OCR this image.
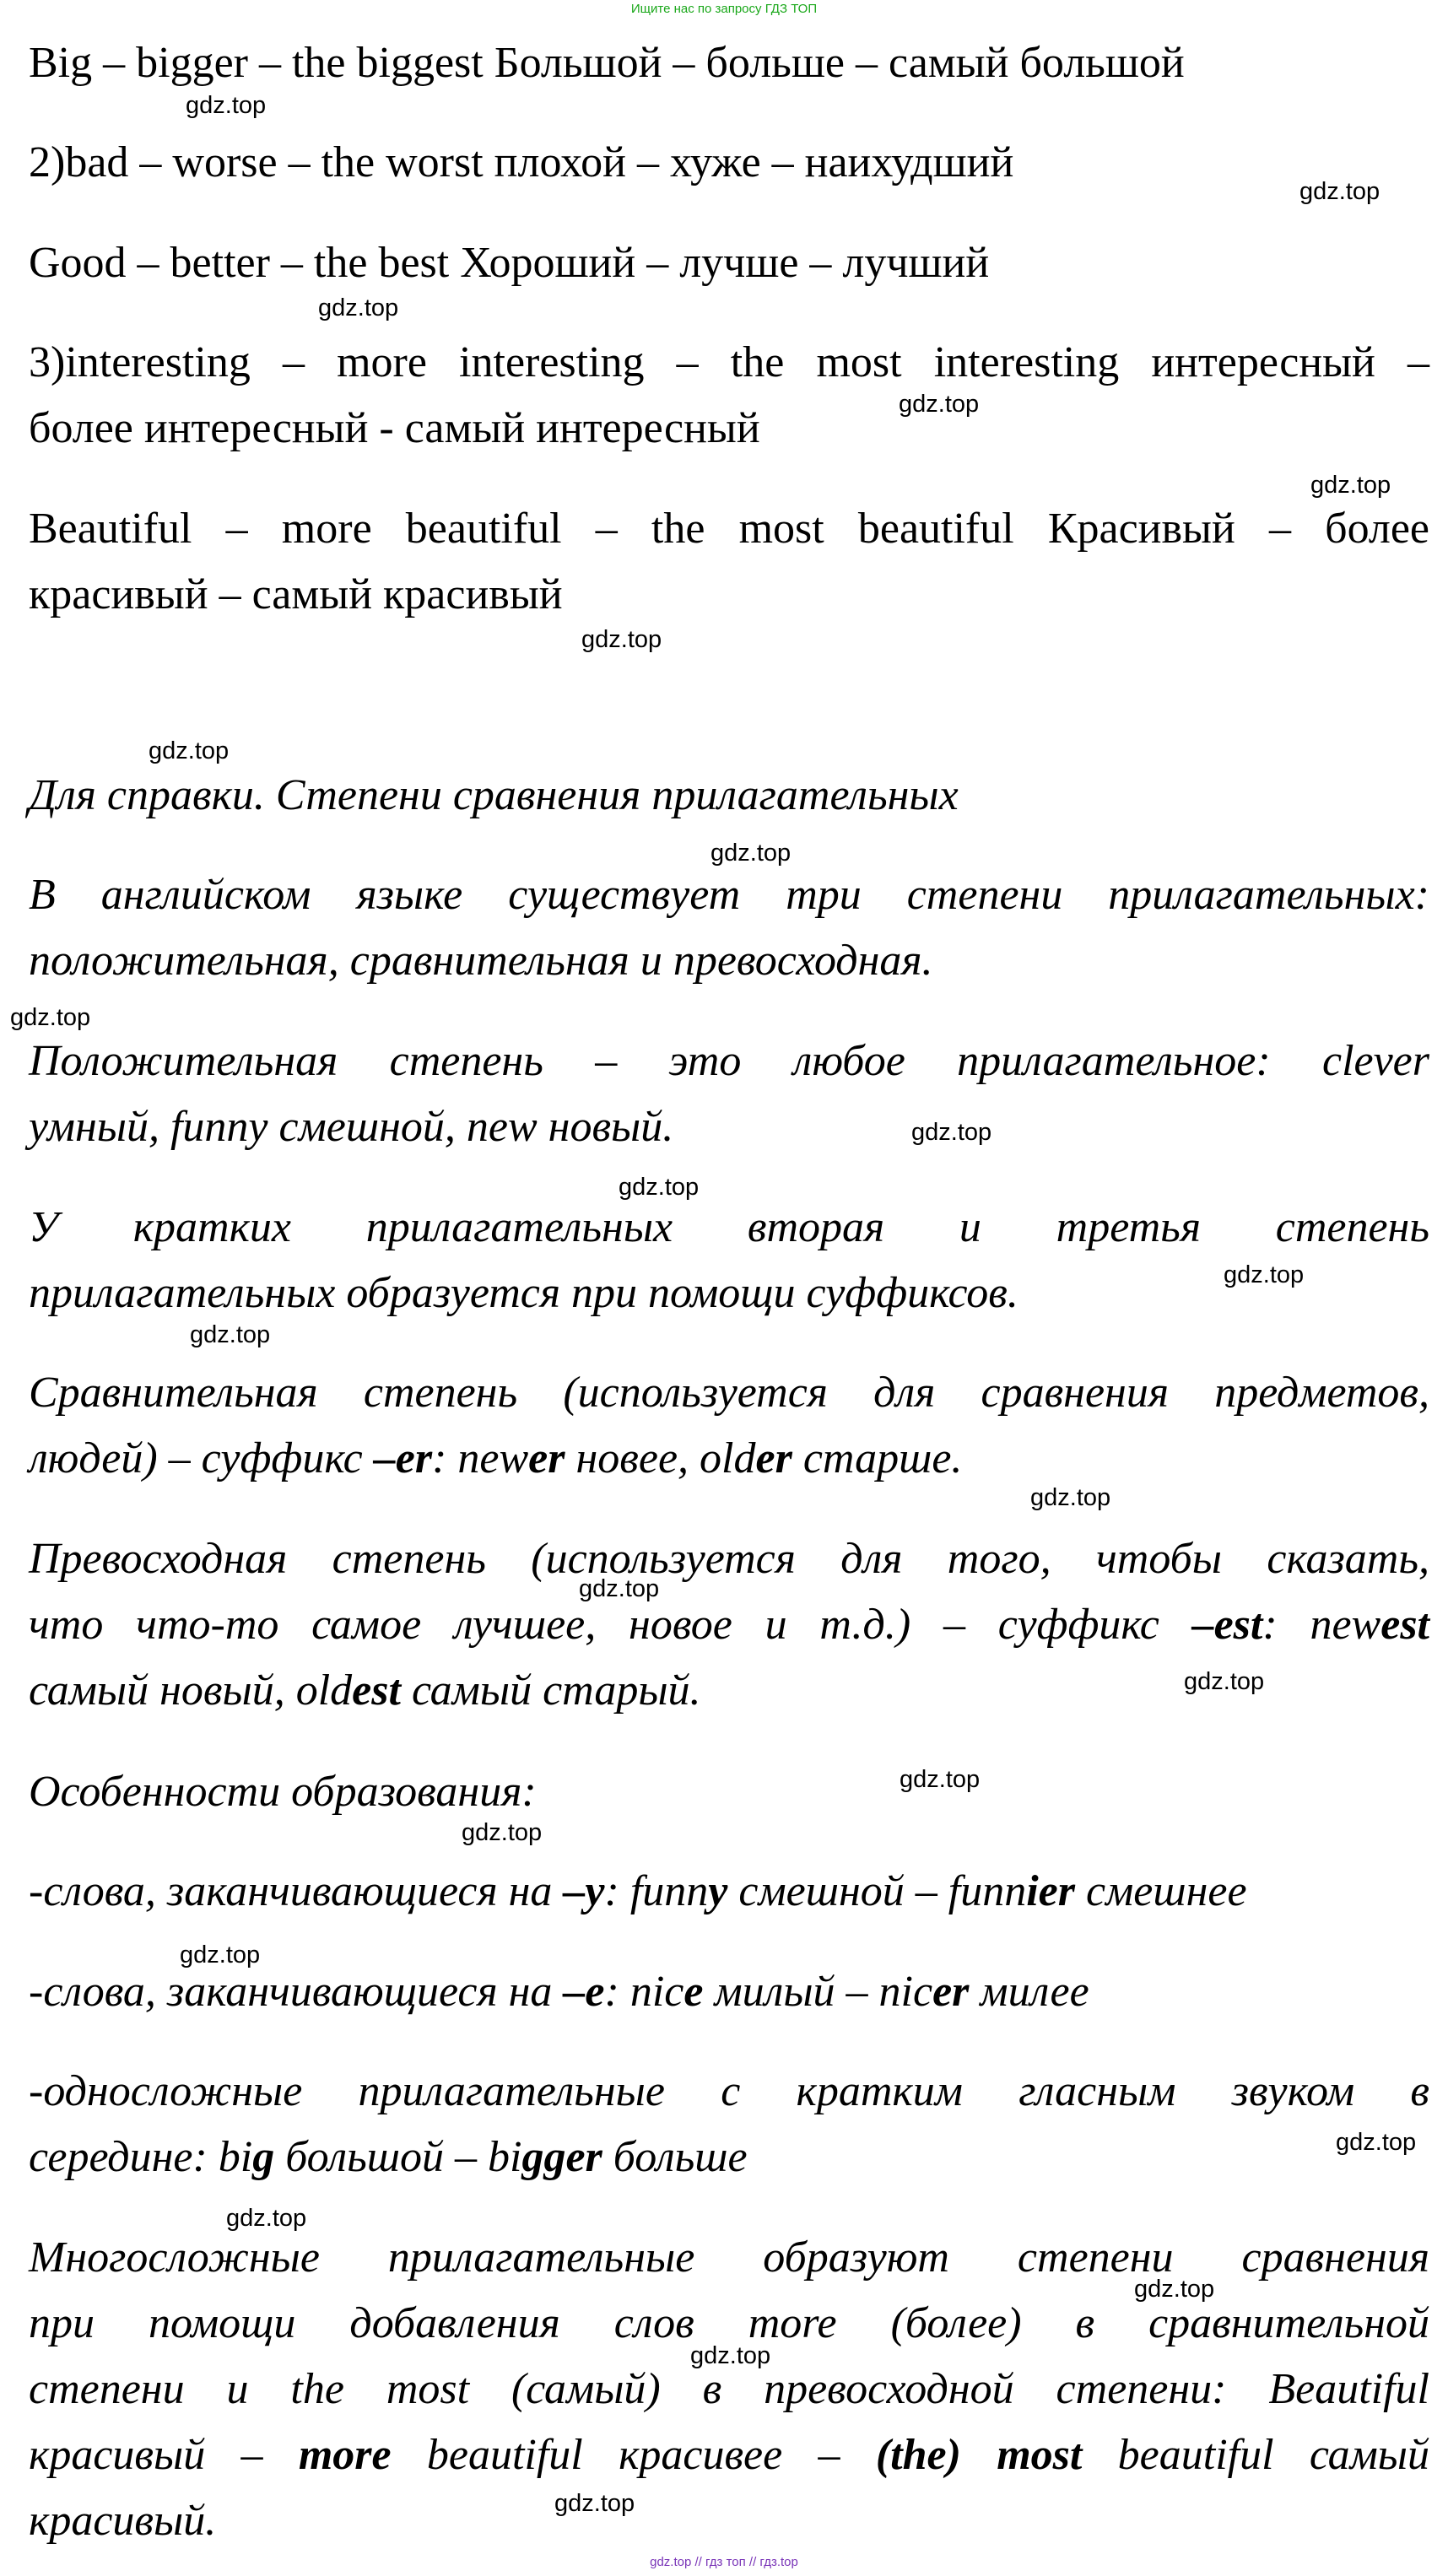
Ищите нас по запросу ГДЗ ТОП

Big – bigger – the biggest Большой – больше – самый большой

2)bad – worse – the worst плохой – хуже – наихудший

Good – better – the best Хороший – лучше – лучший

3)interesting – more interesting – the most interesting интересный –
более интересный - самый интересный
Beautiful – more beautiful – the most beautiful Красивый – более
красивый – самый красивый

Для справки. Степени сравнения прилагательных

В английском языке существует три степени прилагательных:
положительная, сравнительная и превосходная.
Положительная степень – это любое прилагательное: clever
умный, funny смешной, new новый.
У кратких прилагательных вторая и третья степень
прилагательных образуется при помощи суффиксов.
Сравнительная степень (используется для сравнения предметов,
людей) – суффикс –er: newer новее, older старше.
Превосходная степень (используется для того, чтобы сказать,
что что-то самое лучшее, новое и т.д.) – суффикс –est: newest
самый новый, oldest самый старый.

Особенности образования:

-слова, заканчивающиеся на –y: funny смешной – funnier смешнее

-слова, заканчивающиеся на –e: nice милый – nicer милее

-односложные прилагательные с кратким гласным звуком в
середине: big большой – bigger больше
Многосложные прилагательные образуют степени сравнения
при помощи добавления слов more (более) в сравнительной
степени и the most (самый) в превосходной степени: Beautiful
красивый – more beautiful красивее – (the) most beautiful самый
красивый.
gdz.top
gdz.top
gdz.top
gdz.top
gdz.top
gdz.top
gdz.top
gdz.top
gdz.top
gdz.top
gdz.top
gdz.top
gdz.top
gdz.top
gdz.top
gdz.top
gdz.top
gdz.top
gdz.top
gdz.top
gdz.top
gdz.top
gdz.top
gdz.top
gdz.top // гдз топ // гдз.top
